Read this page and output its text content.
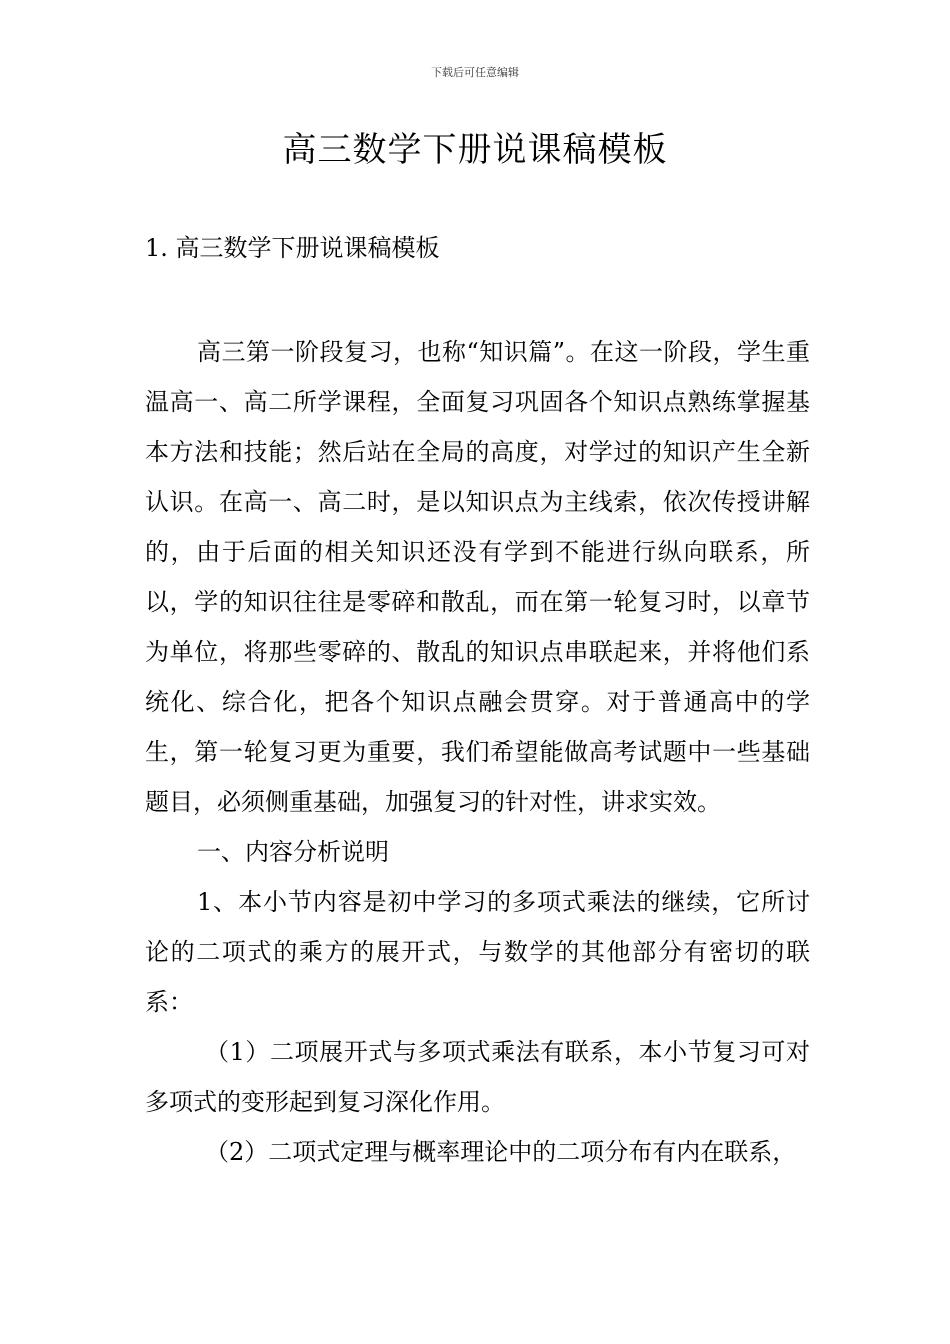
下载后可任意编辑
高三数学下册说课稿模板
1. 高三数学下册说课稿模板

高三第一阶段复习，也称“知识篇”。在这一阶段，学生重温高一、高二所学课程，全面复习巩固各个知识点熟练掌握基本方法和技能；然后站在全局的高度，对学过的知识产生全新认识。在高一、高二时，是以知识点为主线索，依次传授讲解的，由于后面的相关知识还没有学到不能进行纵向联系，所以，学的知识往往是零碎和散乱，而在第一轮复习时，以章节为单位，将那些零碎的、散乱的知识点串联起来，并将他们系统化、综合化，把各个知识点融会贯穿。对于普通高中的学生，第一轮复习更为重要，我们希望能做高考试题中一些基础题目，必须侧重基础，加强复习的针对性，讲求实效。

一、内容分析说明

1、本小节内容是初中学习的多项式乘法的继续，它所讨论的二项式的乘方的展开式，与数学的其他部分有密切的联系：

（1）二项展开式与多项式乘法有联系，本小节复习可对多项式的变形起到复习深化作用。

（2）二项式定理与概率理论中的二项分布有内在联系，
